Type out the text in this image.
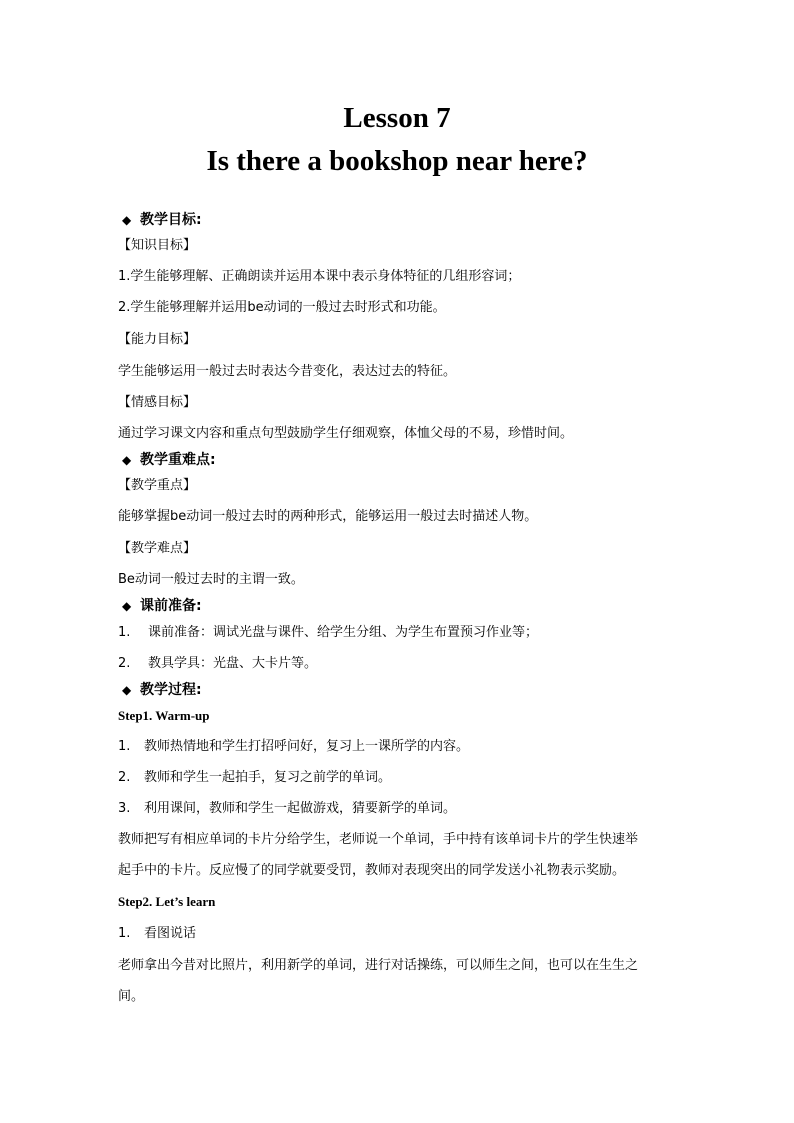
Lesson 7
Is there a bookshop near here?
◆ 教学目标:
【知识目标】
1.学生能够理解、正确朗读并运用本课中表示身体特征的几组形容词；
2.学生能够理解并运用be动词的一般过去时形式和功能。
【能力目标】
学生能够运用一般过去时表达今昔变化，表达过去的特征。
【情感目标】
通过学习课文内容和重点句型鼓励学生仔细观察，体恤父母的不易，珍惜时间。
◆ 教学重难点:
【教学重点】
能够掌握be动词一般过去时的两种形式，能够运用一般过去时描述人物。
【教学难点】
Be动词一般过去时的主谓一致。
◆ 课前准备:
1. 课前准备：调试光盘与课件、给学生分组、为学生布置预习作业等；
2. 教具学具：光盘、大卡片等。
◆ 教学过程:
Step1. Warm-up
1. 教师热情地和学生打招呼问好，复习上一课所学的内容。
2. 教师和学生一起拍手，复习之前学的单词。
3. 利用课间，教师和学生一起做游戏，猜要新学的单词。
教师把写有相应单词的卡片分给学生，老师说一个单词，手中持有该单词卡片的学生快速举
起手中的卡片。反应慢了的同学就要受罚，教师对表现突出的同学发送小礼物表示奖励。
Step2. Let’s learn
1. 看图说话
老师拿出今昔对比照片，利用新学的单词，进行对话操练，可以师生之间，也可以在生生之
间。
